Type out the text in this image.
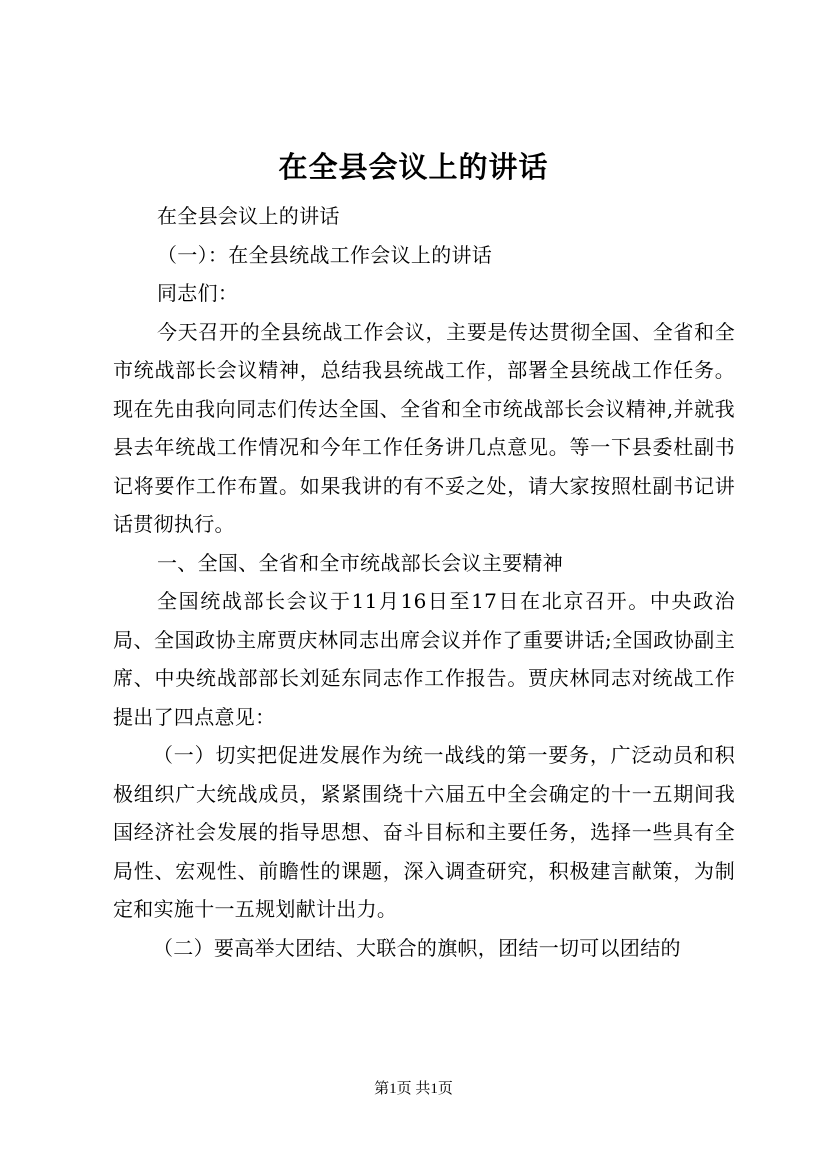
在全县会议上的讲话

在全县会议上的讲话

（一）：在全县统战工作会议上的讲话

同志们：

今天召开的全县统战工作会议，主要是传达贯彻全国、全省和全市统战部长会议精神，总结我县统战工作，部署全县统战工作任务。现在先由我向同志们传达全国、全省和全市统战部长会议精神,并就我县去年统战工作情况和今年工作任务讲几点意见。等一下县委杜副书记将要作工作布置。如果我讲的有不妥之处，请大家按照杜副书记讲话贯彻执行。

一、全国、全省和全市统战部长会议主要精神

全国统战部长会议于11月16日至17日在北京召开。中央政治局、全国政协主席贾庆林同志出席会议并作了重要讲话;全国政协副主席、中央统战部部长刘延东同志作工作报告。贾庆林同志对统战工作提出了四点意见：

（一）切实把促进发展作为统一战线的第一要务，广泛动员和积极组织广大统战成员，紧紧围绕十六届五中全会确定的十一五期间我国经济社会发展的指导思想、奋斗目标和主要任务，选择一些具有全局性、宏观性、前瞻性的课题，深入调查研究，积极建言献策，为制定和实施十一五规划献计出力。

（二）要高举大团结、大联合的旗帜，团结一切可以团结的

第1页 共1页
